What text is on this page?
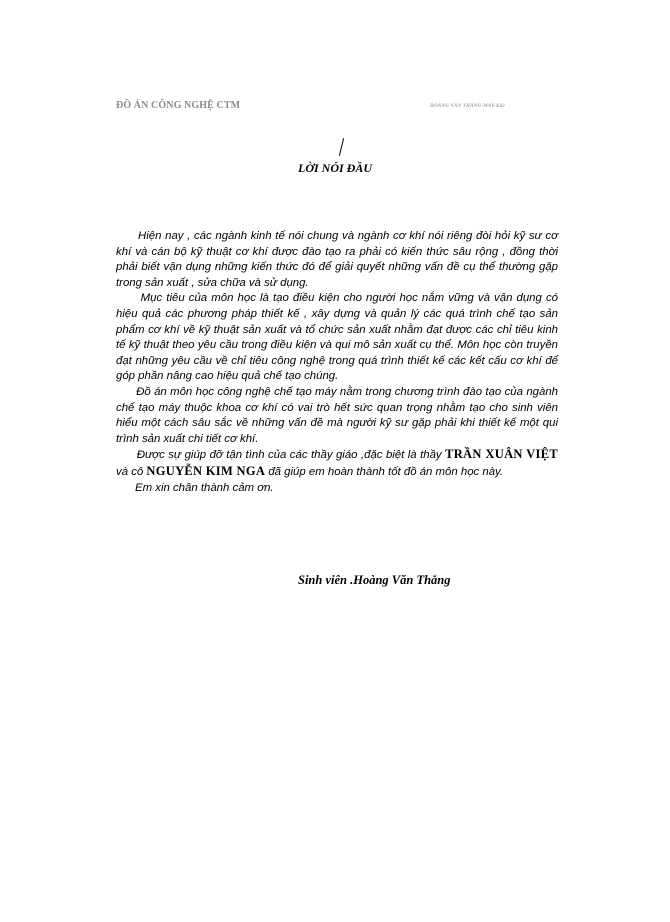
ĐỒ ÁN CÔNG NGHỆ CTM	HOÀNG VĂN THẮNG-MÁY-K42
LỜI NÓI ĐẦU

Hiện nay , các ngành kinh tế nói chung và ngành cơ khí nói riêng đòi hỏi kỹ sư cơ khí và cán bộ kỹ thuật cơ khí được đào tạo ra phải có kiến thức sâu rộng , đồng thời phải biết vận dụng những kiến thức đó để giải quyết những vấn đề cụ thể thường gặp trong sản xuất , sửa chữa và sử dụng.

Mục tiêu của môn học là tạo điều kiện cho người học nắm vững và vận dụng có hiệu quả các phương pháp thiết kế , xây dựng và quản lý các quá trình chế tạo sản phẩm cơ khí về kỹ thuật sản xuất và tổ chức sản xuất nhằm đạt được các chỉ tiêu kinh tế kỹ thuật theo yêu cầu trong điều kiện và qui mô sản xuất cụ thể. Môn học còn truyền đạt những yêu cầu về chỉ tiêu công nghệ trong quá trình thiết kế các kết cấu cơ khí để góp phần nâng cao hiệu quả chế tạo chúng.

Đồ án môn học công nghệ chế tạo máy nằm trong chương trình đào tạo của ngành chế tạo máy thuộc khoa cơ khí có vai trò hết sức quan trọng nhằm tạo cho sinh viên hiểu một cách sâu sắc về những vấn đề mà người kỹ sư gặp phải khi thiết kế một qui trình sản xuất chi tiết cơ khí.

Được sự giúp đỡ tận tình của các thầy giáo ,đặc biệt là thầy TRẦN XUÂN VIỆT và cô NGUYỄN KIM NGA đã giúp em hoàn thành tốt đồ án môn học này.

Em xin chân thành cảm ơn.

Sinh viên .Hoàng Văn Thắng
